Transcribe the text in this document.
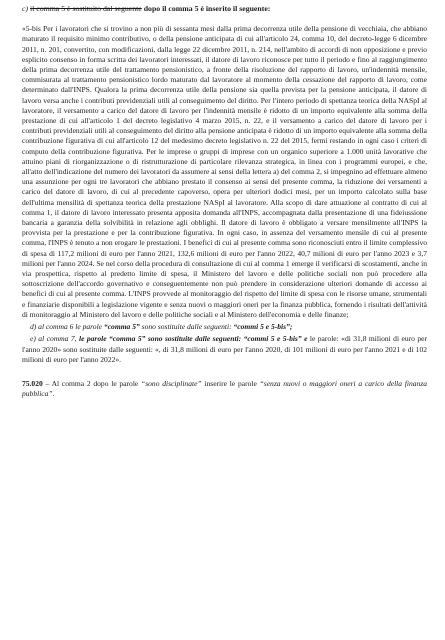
c) il comma 5 è sostituito dal seguente dopo il comma 5 è inserito il seguente:

«5-bis Per i lavoratori che si trovino a non più di sessanta mesi dalla prima decorrenza utile della pensione di vecchiaia, che abbiano maturato il requisito minimo contributivo, o della pensione anticipata di cui all'articolo 24, comma 10, del decreto-legge 6 dicembre 2011, n. 201, convertito, con modificazioni, dalla legge 22 dicembre 2011, n. 214, nell'ambito di accordi di non opposizione e previo esplicito consenso in forma scritta dei lavoratori interessati, il datore di lavoro riconosce per tutto il periodo e fino al raggiungimento della prima decorrenza utile del trattamento pensionistico, a fronte della risoluzione del rapporto di lavoro, un'indennità mensile, commisurata al trattamento pensionistico lordo maturato dal lavoratore al momento della cessazione del rapporto di lavoro, come determinato dall'INPS. Qualora la prima decorrenza utile della pensione sia quella prevista per la pensione anticipata, il datore di lavoro versa anche i contributi previdenziali utili al conseguimento del diritto. Per l'intero periodo di spettanza teorica della NASpI al lavoratore, il versamento a carico del datore di lavoro per l'indennità mensile è ridotto di un importo equivalente alla somma della prestazione di cui all'articolo 1 del decreto legislativo 4 marzo 2015, n. 22, e il versamento a carico del datore di lavoro per i contributi previdenziali utili al conseguimento del diritto alla pensione anticipata è ridotto di un importo equivalente alla somma della contribuzione figurativa di cui all'articolo 12 del medesimo decreto legislativo n. 22 del 2015, fermi restando in ogni caso i criteri di computo della contribuzione figurativa. Per le imprese o gruppi di imprese con un organico superiore a 1.000 unità lavorative che attuino piani di riorganizzazione o di ristrutturazione di particolare rilevanza strategica, in linea con i programmi europei, e che, all'atto dell'indicazione del numero dei lavoratori da assumere ai sensi della lettera a) del comma 2, si impegnino ad effettuare almeno una assunzione per ogni tre lavoratori che abbiano prestato il consenso ai sensi del presente comma, la riduzione dei versamenti a carico del datore di lavoro, di cui al precedente capoverso, opera per ulteriori dodici mesi, per un importo calcolato sulla base dell'ultima mensilità di spettanza teorica della prestazione NASpI al lavoratore. Alla scopo di dare attuazione al contratto di cui al comma 1, il datore di lavoro interessato presenta apposita domanda all'INPS, accompagnata dalla presentazione di una fideiussione bancaria a garanzia della solvibilità in relazione agli obblighi. Il datore di lavoro è obbligato a versare mensilmente all'INPS la provvista per la prestazione e per la contribuzione figurativa. In ogni caso, in assenza del versamento mensile di cui al presente comma, l'INPS è tenuto a non erogare le prestazioni. I benefici di cui al presente comma sono riconosciuti entro il limite complessivo di spesa di 117,2 milioni di euro per l'anno 2021, 132,6 milioni di euro per l'anno 2022, 40,7 milioni di euro per l'anno 2023 e 3,7 milioni per l'anno 2024. Se nel corso della procedura di consultazione di cui al comma 1 emerge il verificarsi di scostamenti, anche in via prospettica, rispetto al predetto limite di spesa, il Ministero del lavoro e delle politiche sociali non può procedere alla sottoscrizione dell'accordo governativo e conseguentemente non può prendere in considerazione ulteriori domande di accesso ai benefici di cui al presente comma. L'INPS provvede al monitoraggio del rispetto del limite di spesa con le risorse umane, strumentali e finanziarie disponibili a legislazione vigente e senza nuovi o maggiori oneri per la finanza pubblica, fornendo i risultati dell'attività di monitoraggio al Ministero del lavoro e delle politiche sociali e al Ministero dell'economia e delle finanze;

d) al comma 6 le parole “comma 5” sono sostituite dalle seguenti: “commi 5 e 5-bis”;

e) al comma 7, le parole “comma 5” sono sostituite dalle seguenti: “commi 5 e 5-bis” e le parole: «di 31,8 milioni di euro per l'anno 2020» sono sostituite dalle seguenti: «, di 31,8 milioni di euro per l'anno 2020, di 101 milioni di euro per l'anno 2021 e di 102 milioni di euro per l'anno 2022».

75.020 – Al comma 2 dopo le parole “sono disciplinate” inserire le parole “senza nuovi o maggiori oneri a carico della finanza pubblica”.
